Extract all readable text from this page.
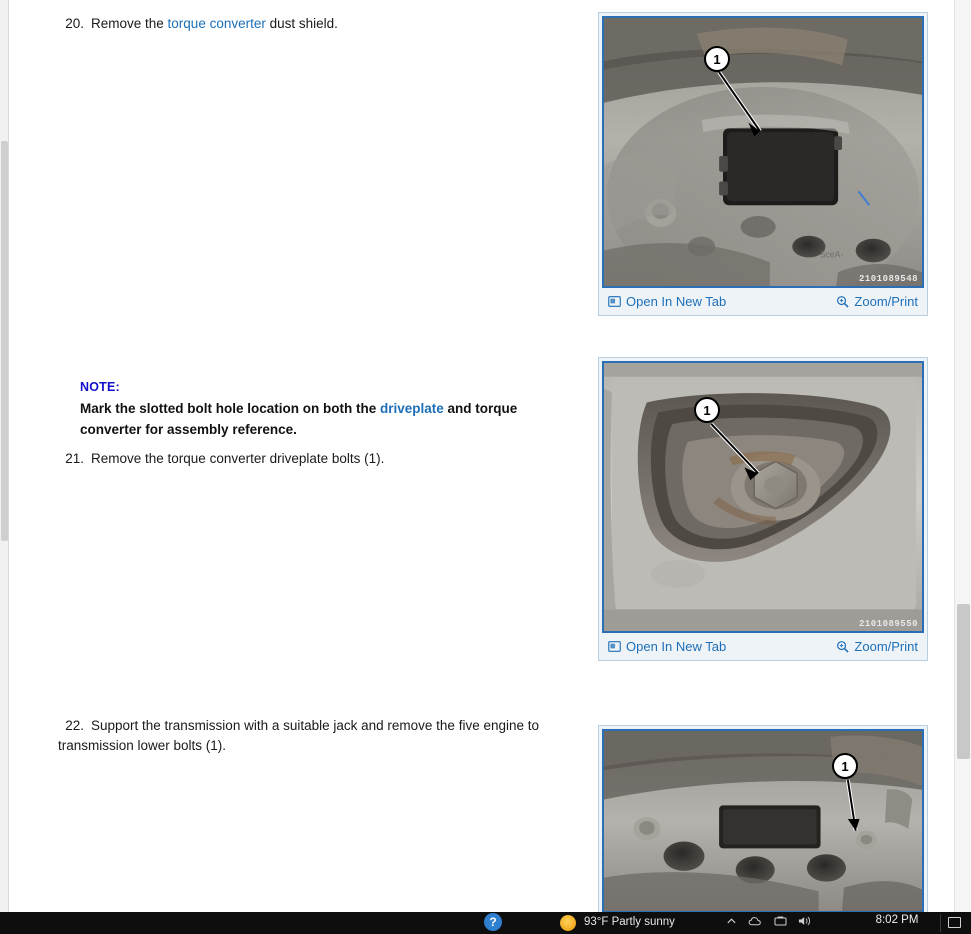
20. Remove the torque converter dust shield.
5ceA-
1
2101089548
Open In New Tab	Zoom/Print
NOTE:
Mark the slotted bolt hole location on both the driveplate and torque converter for assembly reference.
21. Remove the torque converter driveplate bolts (1).
1
2101089550
Open In New Tab	Zoom/Print
22. Support the transmission with a suitable jack and remove the five engine to transmission lower bolts (1).
1
?	93°F Partly sunny	8:02 PM
